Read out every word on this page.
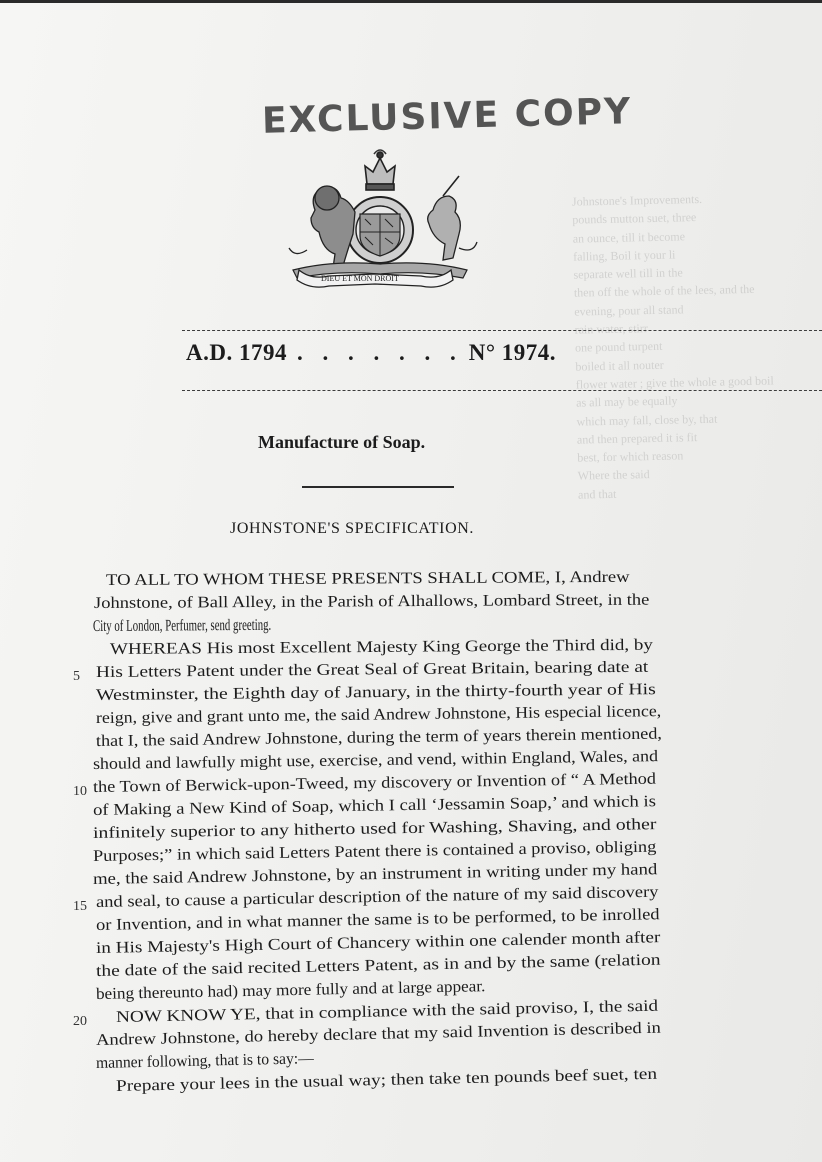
Johnstone's Improvements.
pounds mutton suet, three
an ounce, till it become
falling, Boil it your li
separate well till in the
then off the whole of the lees, and the
evening, pour all stand
rain water, stirr
one pound turpent
boiled it all nouter
flower water ; give the whole a good boil
as all may be equally
which may fall, close by, that
and then prepared it is fit
best, for which reason
Where the said
and that
EXCLUSIVE COPY
DIEU ET MON DROIT
A.D. 1794 . . . . . . . N° 1974.
Manufacture of Soap.
JOHNSTONE'S SPECIFICATION.
TO ALL TO WHOM THESE PRESENTS SHALL COME, I, Andrew
Johnstone, of Ball Alley, in the Parish of Alhallows, Lombard Street, in the
City of London, Perfumer, send greeting.
WHEREAS His most Excellent Majesty King George the Third did, by
His Letters Patent under the Great Seal of Great Britain, bearing date at
5
Westminster, the Eighth day of January, in the thirty-fourth year of His
reign, give and grant unto me, the said Andrew Johnstone, His especial licence,
that I, the said Andrew Johnstone, during the term of years therein mentioned,
should and lawfully might use, exercise, and vend, within England, Wales, and
the Town of Berwick-upon-Tweed, my discovery or Invention of “ A Method
10
of Making a New Kind of Soap, which I call ‘Jessamin Soap,’ and which is
infinitely superior to any hitherto used for Washing, Shaving, and other
Purposes;” in which said Letters Patent there is contained a proviso, obliging
me, the said Andrew Johnstone, by an instrument in writing under my hand
and seal, to cause a particular description of the nature of my said discovery
15 or Invention, and in what manner the same is to be performed, to be inrolled
in His Majesty's High Court of Chancery within one calender month after
the date of the said recited Letters Patent, as in and by the same (relation
being thereunto had) may more fully and at large appear.
NOW KNOW YE, that in compliance with the said proviso, I, the said
20 Andrew Johnstone, do hereby declare that my said Invention is described in
manner following, that is to say:—
Prepare your lees in the usual way; then take ten pounds beef suet, ten
